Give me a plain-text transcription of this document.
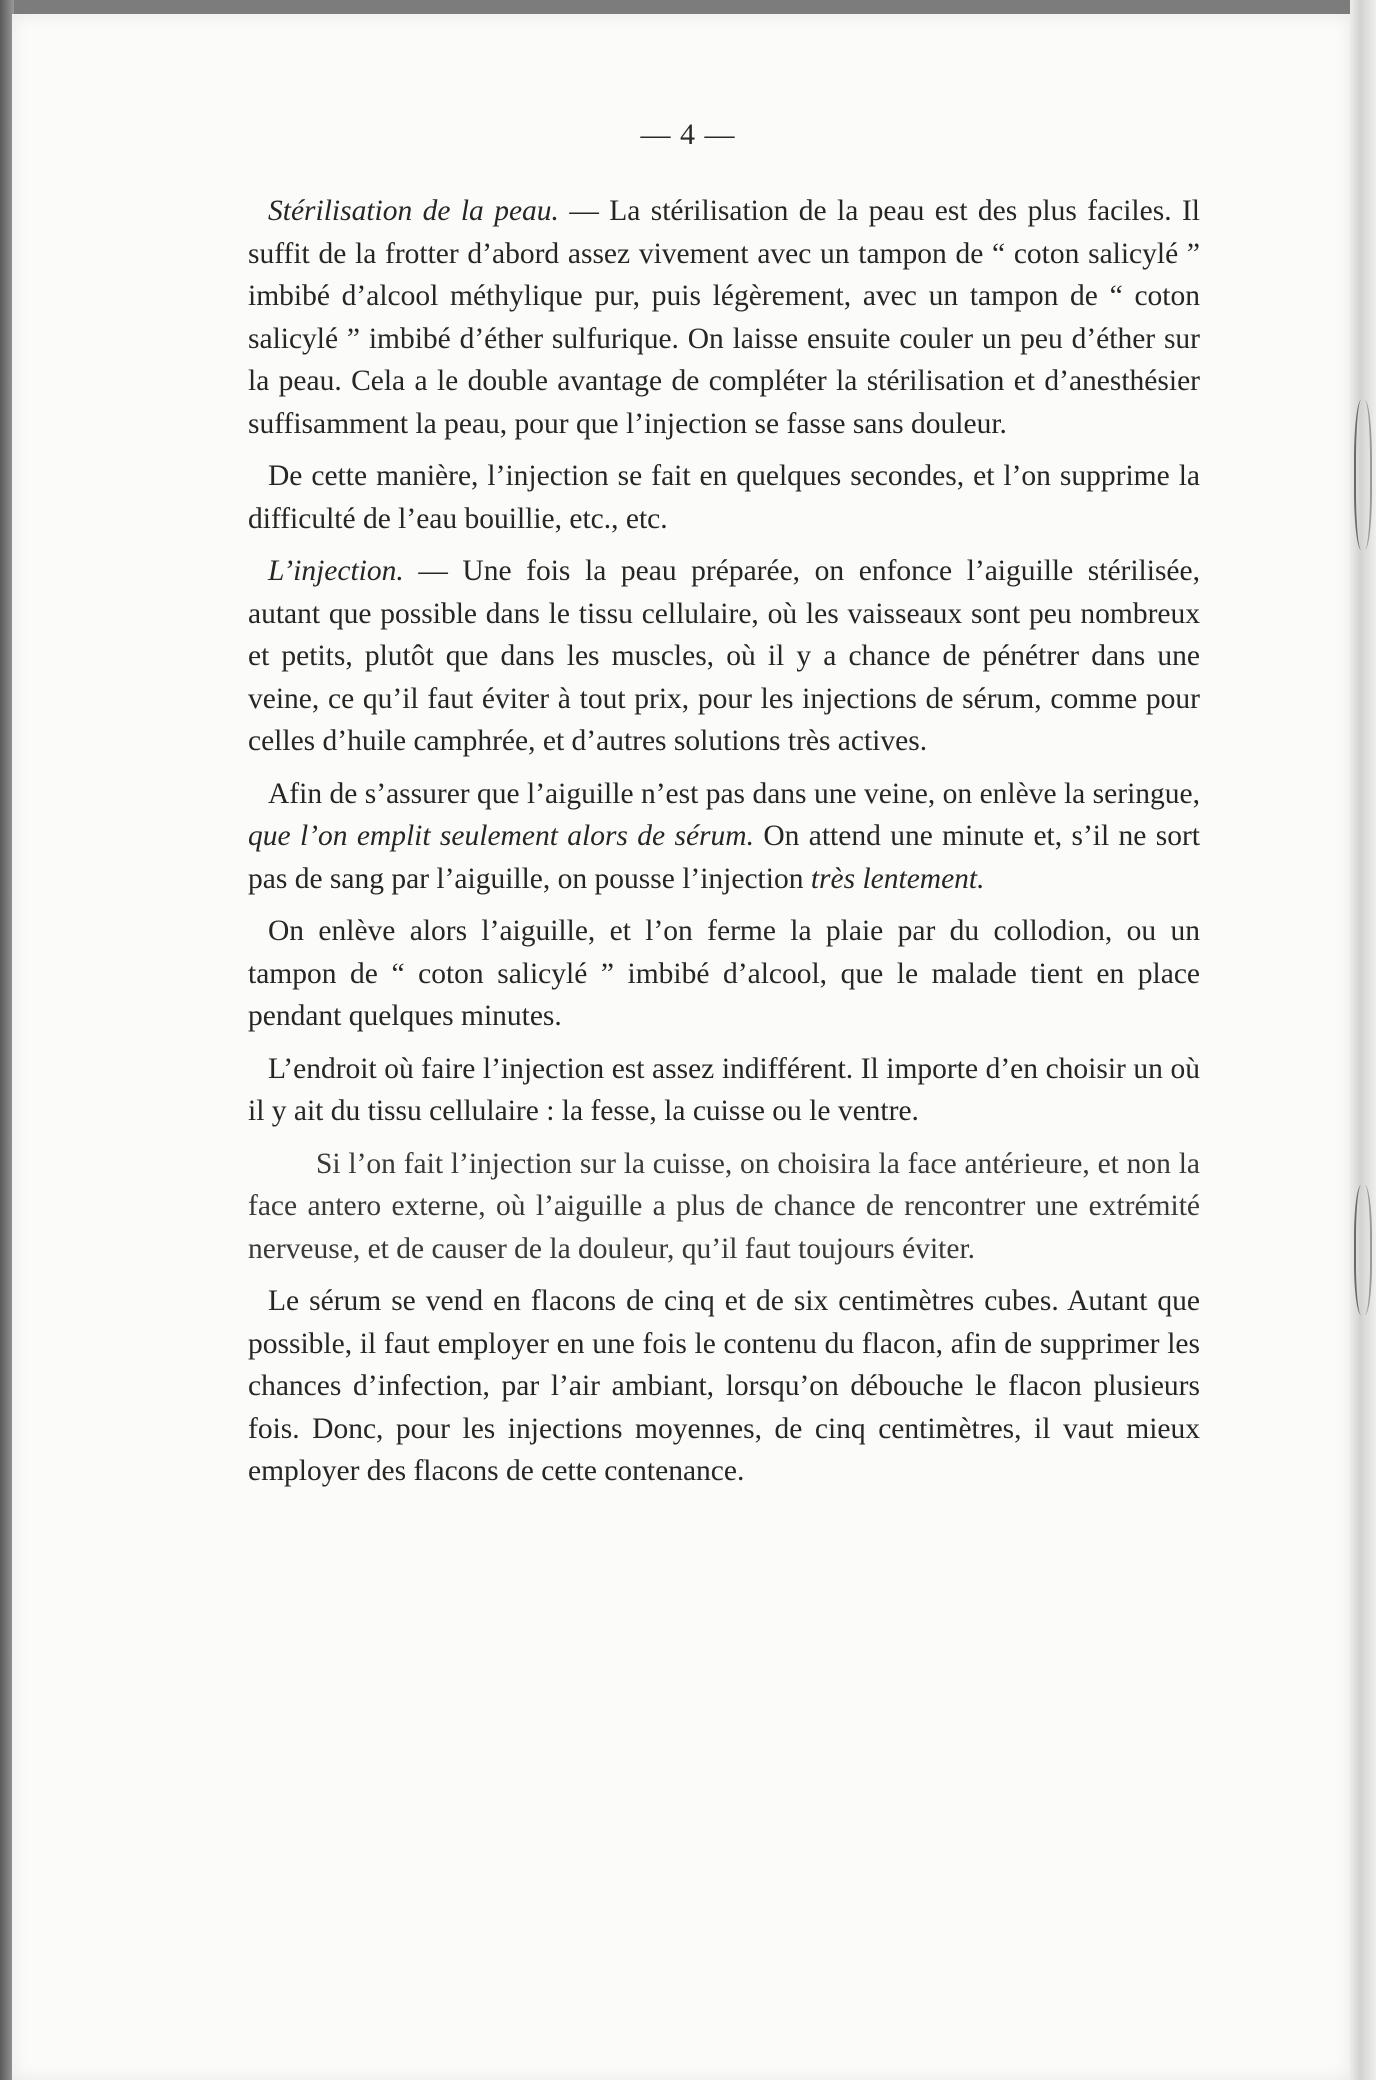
— 4 —

Stérilisation de la peau. — La stérilisation de la peau est des plus faciles. Il suffit de la frotter d’abord assez vivement avec un tampon de “ coton salicylé ” imbibé d’alcool méthylique pur, puis légèrement, avec un tampon de “ coton salicylé ” imbibé d’éther sulfurique. On laisse ensuite couler un peu d’éther sur la peau. Cela a le double avantage de compléter la stérilisation et d’anesthésier suffisamment la peau, pour que l’injection se fasse sans douleur.

De cette manière, l’injection se fait en quelques secondes, et l’on supprime la difficulté de l’eau bouillie, etc., etc.

L’injection. — Une fois la peau préparée, on enfonce l’aiguille stérilisée, autant que possible dans le tissu cellulaire, où les vaisseaux sont peu nombreux et petits, plutôt que dans les muscles, où il y a chance de pénétrer dans une veine, ce qu’il faut éviter à tout prix, pour les injections de sérum, comme pour celles d’huile camphrée, et d’autres solutions très actives.

Afin de s’assurer que l’aiguille n’est pas dans une veine, on enlève la seringue, que l’on emplit seulement alors de sérum. On attend une minute et, s’il ne sort pas de sang par l’aiguille, on pousse l’injection très lentement.

On enlève alors l’aiguille, et l’on ferme la plaie par du collodion, ou un tampon de “ coton salicylé ” imbibé d’alcool, que le malade tient en place pendant quelques minutes.

L’endroit où faire l’injection est assez indifférent. Il importe d’en choisir un où il y ait du tissu cellulaire : la fesse, la cuisse ou le ventre.

Si l’on fait l’injection sur la cuisse, on choisira la face antérieure, et non la face antero externe, où l’aiguille a plus de chance de rencontrer une extrémité nerveuse, et de causer de la douleur, qu’il faut toujours éviter.

Le sérum se vend en flacons de cinq et de six centimètres cubes. Autant que possible, il faut employer en une fois le contenu du flacon, afin de supprimer les chances d’infection, par l’air ambiant, lorsqu’on débouche le flacon plusieurs fois. Donc, pour les injections moyennes, de cinq centimètres, il vaut mieux employer des flacons de cette contenance.
